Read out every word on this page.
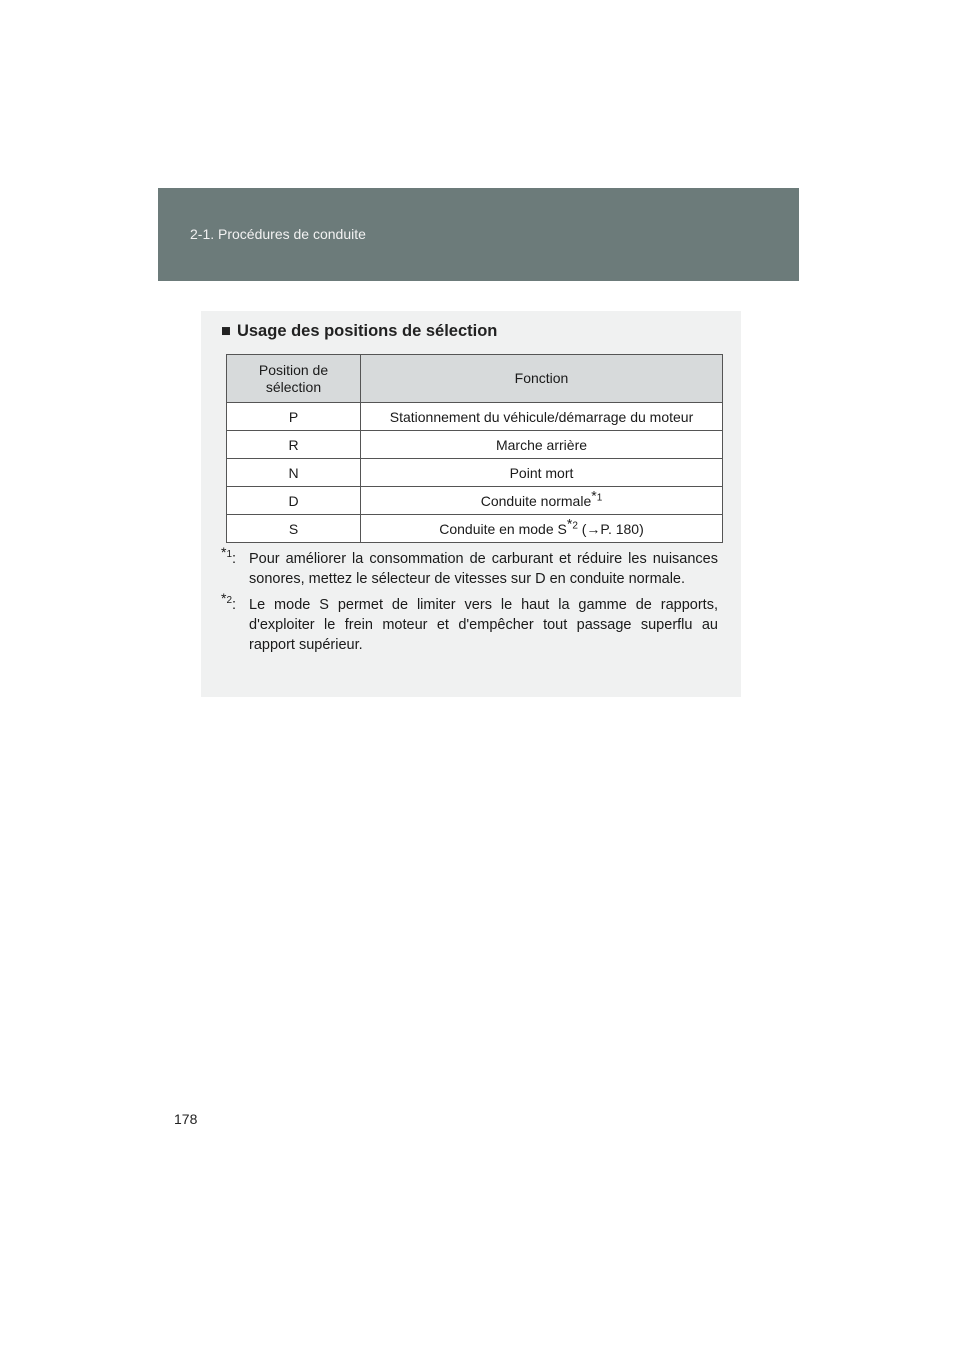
2-1. Procédures de conduite
■ Usage des positions de sélection
Position de sélection	Fonction
P	Stationnement du véhicule/démarrage du moteur
R	Marche arrière
N	Point mort
D	Conduite normale*$^1$
S	Conduite en mode S*$^2$ (→P. 180)
*$^1$: Pour améliorer la consommation de carburant et réduire les nuisances sonores, mettez le sélecteur de vitesses sur D en conduite normale.
*$^2$: Le mode S permet de limiter vers le haut la gamme de rapports, d'exploiter le frein moteur et d'empêcher tout passage superflu au rapport supérieur.
178
